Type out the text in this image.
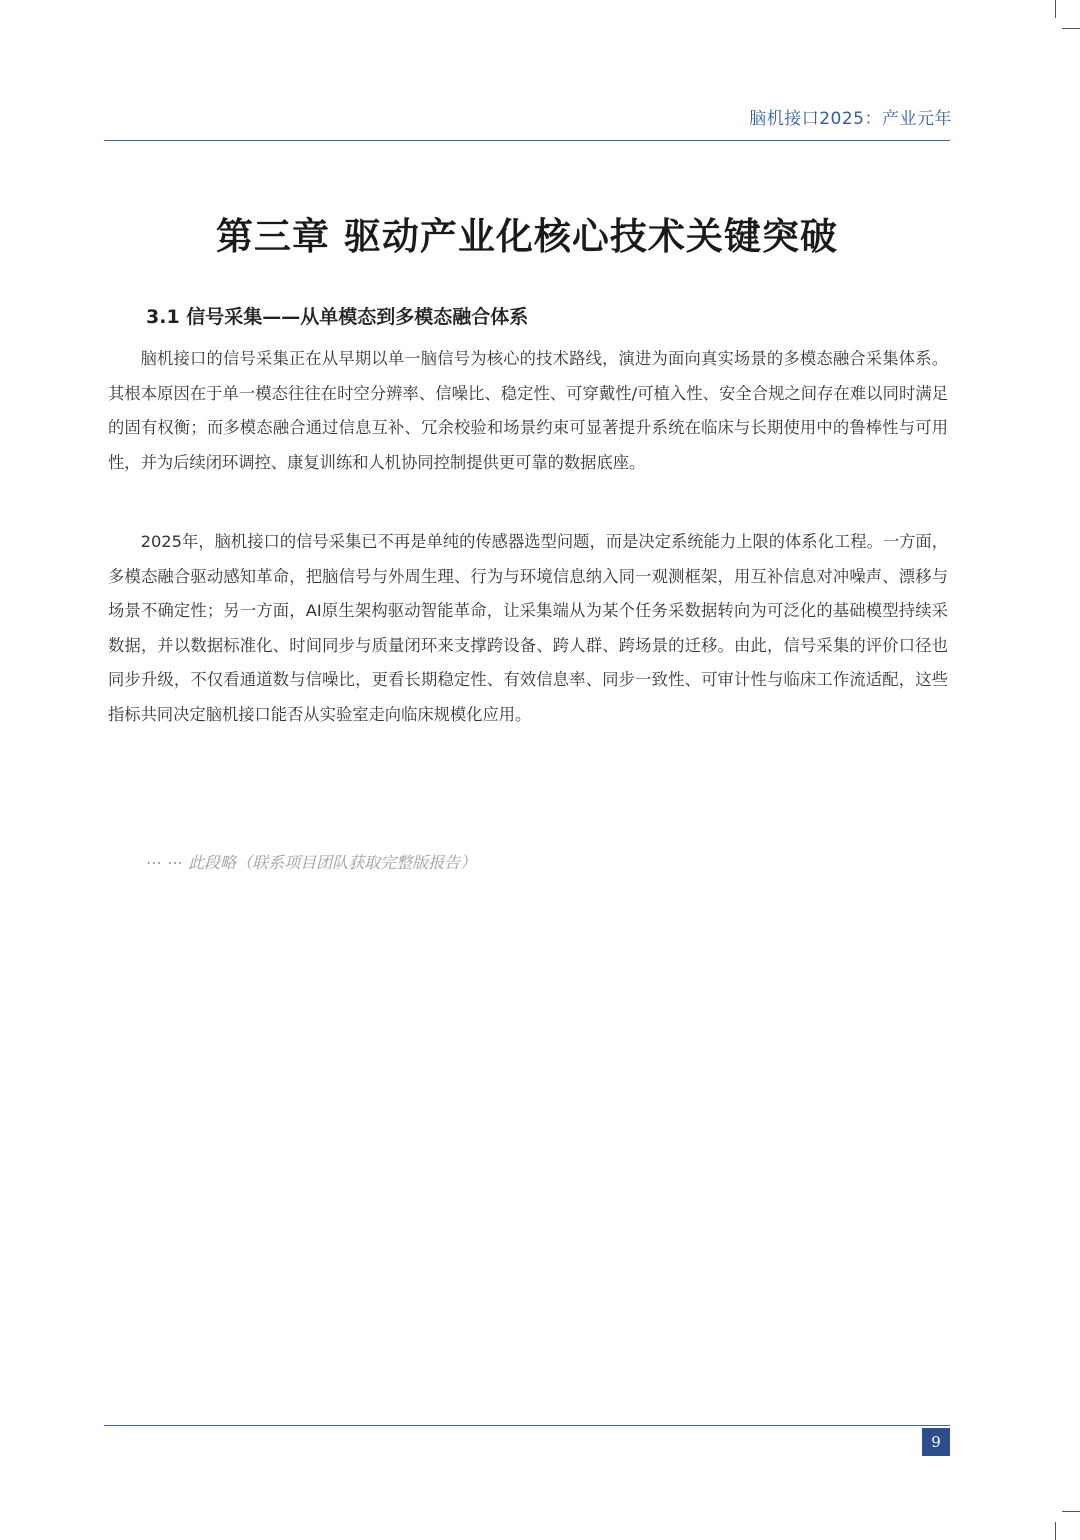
脑机接口2025：产业元年
第三章 驱动产业化核心技术关键突破
3.1 信号采集——从单模态到多模态融合体系

脑机接口的信号采集正在从早期以单一脑信号为核心的技术路线，演进为面向真实场景的多模态融合采集体系。其根本原因在于单一模态往往在时空分辨率、信噪比、稳定性、可穿戴性/可植入性、安全合规之间存在难以同时满足的固有权衡；而多模态融合通过信息互补、冗余校验和场景约束可显著提升系统在临床与长期使用中的鲁棒性与可用性，并为后续闭环调控、康复训练和人机协同控制提供更可靠的数据底座。

2025年，脑机接口的信号采集已不再是单纯的传感器选型问题，而是决定系统能力上限的体系化工程。一方面，多模态融合驱动感知革命，把脑信号与外周生理、行为与环境信息纳入同一观测框架，用互补信息对冲噪声、漂移与场景不确定性；另一方面，AI原生架构驱动智能革命，让采集端从为某个任务采数据转向为可泛化的基础模型持续采数据，并以数据标准化、时间同步与质量闭环来支撑跨设备、跨人群、跨场景的迁移。由此，信号采集的评价口径也同步升级，不仅看通道数与信噪比，更看长期稳定性、有效信息率、同步一致性、可审计性与临床工作流适配，这些指标共同决定脑机接口能否从实验室走向临床规模化应用。

⋯ ⋯ 此段略（联系项目团队获取完整版报告）

9
